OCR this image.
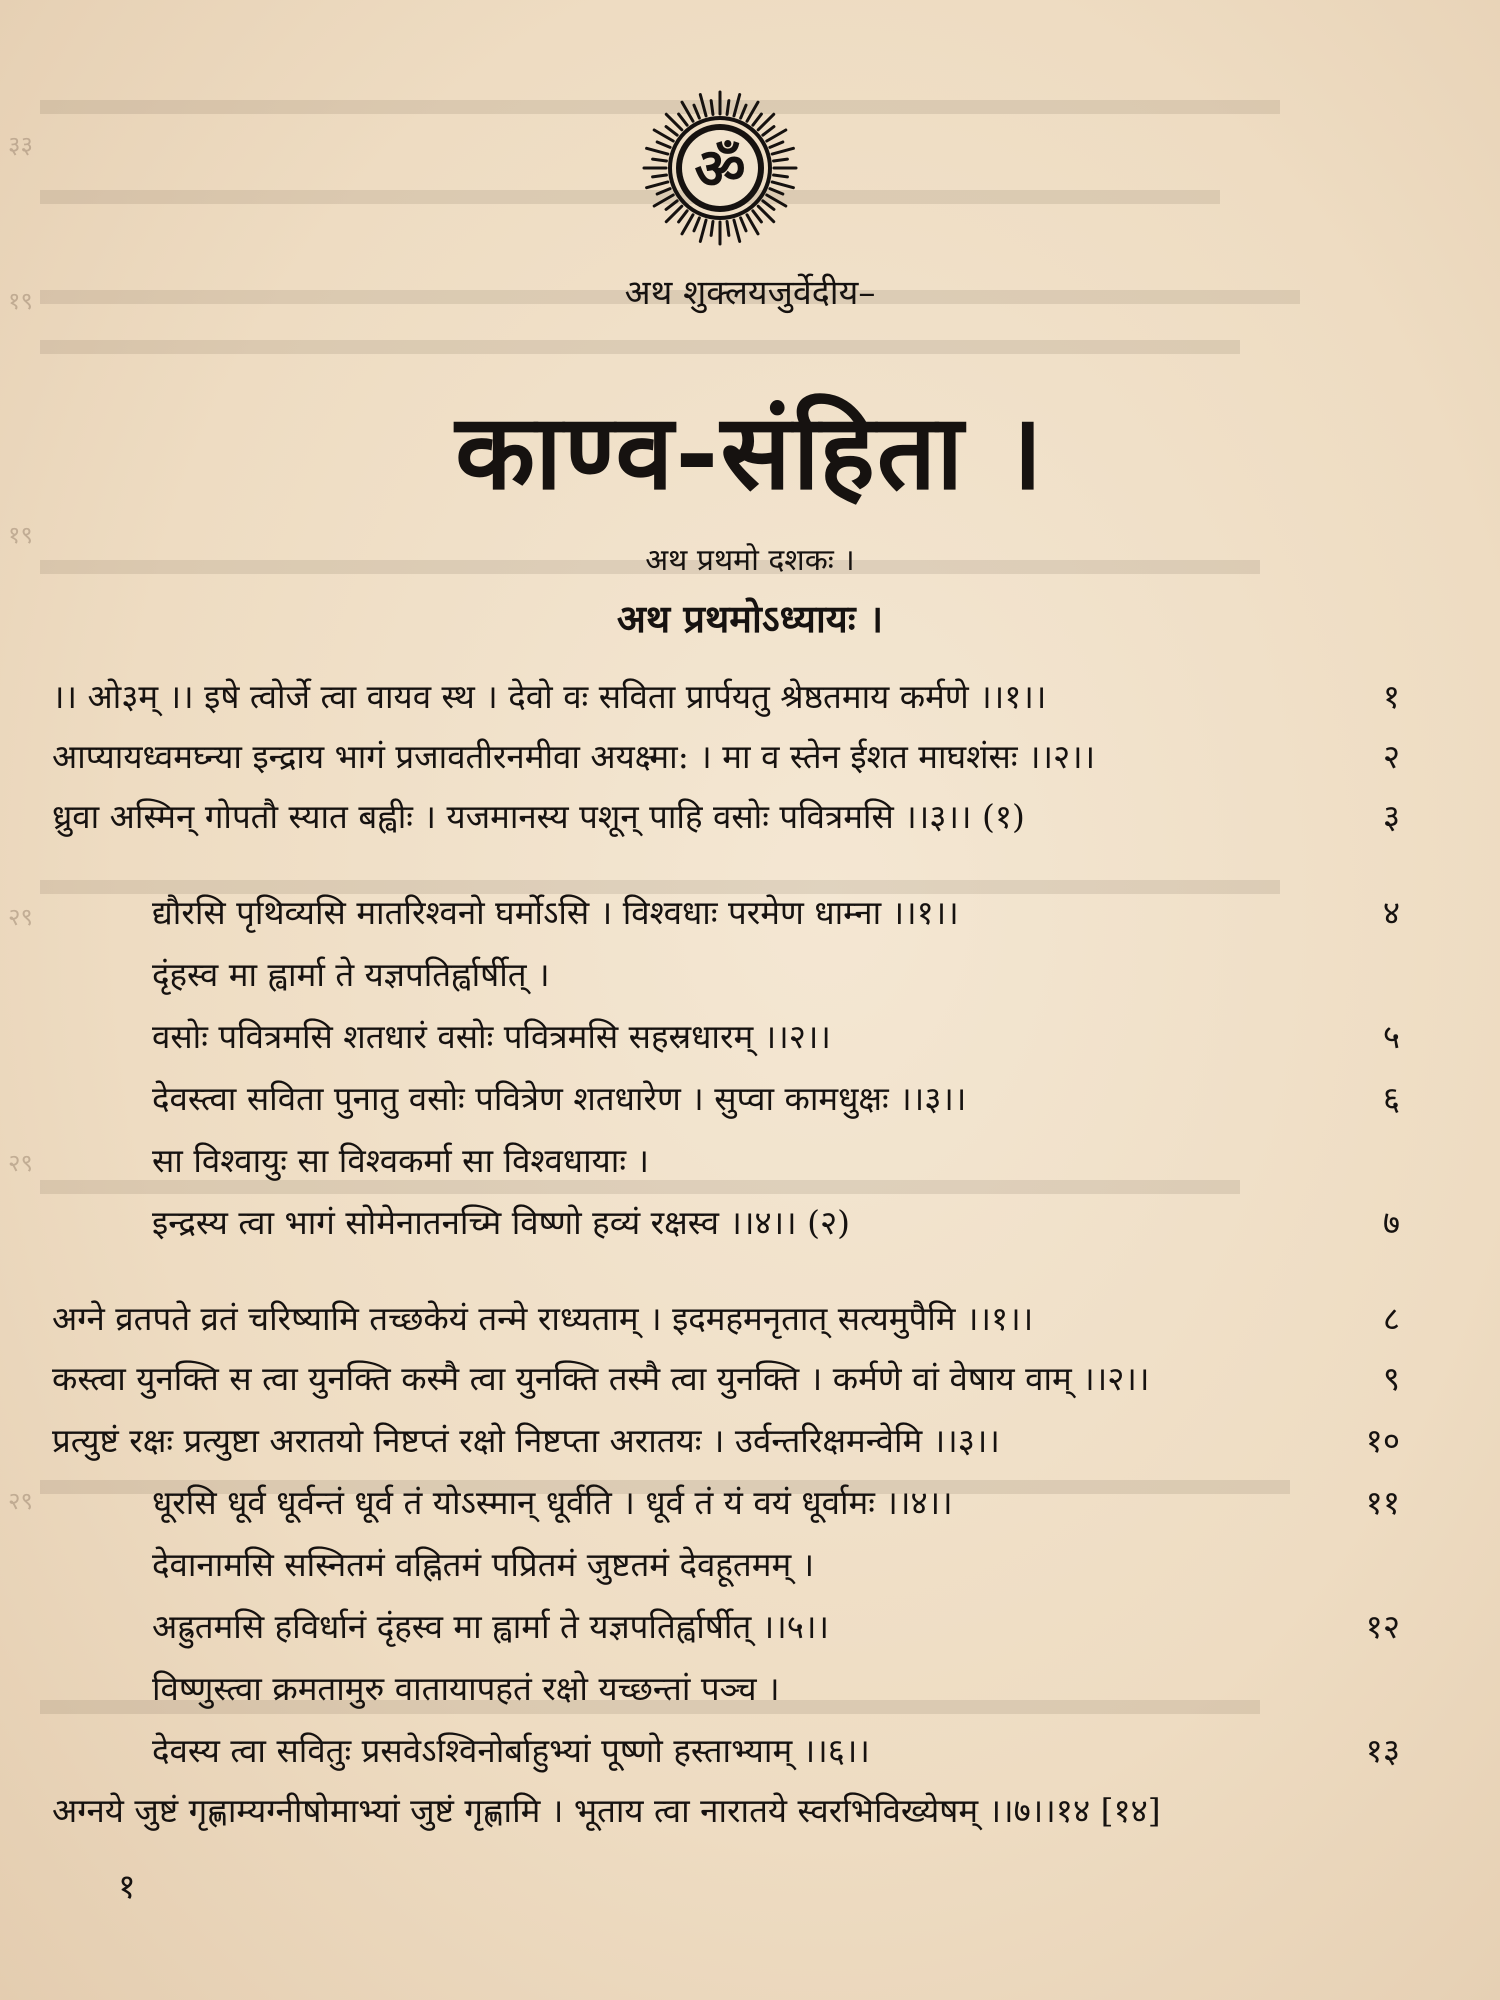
३३
१९
१९
२९
२९
२९
ॐ
अथ शुक्लयजुर्वेदीय–
काण्व-संहिता ।
अथ प्रथमो दशकः ।
अथ प्रथमोऽध्यायः ।
।। ओ३म् ।। इषे त्वोर्जे त्वा वायव स्थ । देवो वः सविता प्रार्पयतु श्रेष्ठतमाय कर्मणे ।।१।।	१
आप्यायध्वमघ्न्या इन्द्राय भागं प्रजावतीरनमीवा अयक्ष्मा: । मा व स्तेन ईशत माघशंसः ।।२।।	२
ध्रुवा अस्मिन् गोपतौ स्यात बह्वीः । यजमानस्य पशून् पाहि वसोः पवित्रमसि ।।३।। (१)	३
द्यौरसि पृथिव्यसि मातरिश्वनो घर्मोऽसि । विश्वधाः परमेण धाम्ना ।।१।।	४
दृंहस्व मा ह्वार्मा ते यज्ञपतिर्ह्वार्षीत् ।
वसोः पवित्रमसि शतधारं वसोः पवित्रमसि सहस्रधारम् ।।२।।	५
देवस्त्वा सविता पुनातु वसोः पवित्रेण शतधारेण । सुप्वा कामधुक्षः ।।३।।	६
सा विश्वायुः सा विश्वकर्मा सा विश्वधायाः ।
इन्द्रस्य त्वा भागं सोमेनातनच्मि विष्णो हव्यं रक्षस्व ।।४।। (२)	७
अग्ने व्रतपते व्रतं चरिष्यामि तच्छकेयं तन्मे राध्यताम् । इदमहमनृतात् सत्यमुपैमि ।।१।।	८
कस्त्वा युनक्ति स त्वा युनक्ति कस्मै त्वा युनक्ति तस्मै त्वा युनक्ति । कर्मणे वां वेषाय वाम् ।।२।।	९
प्रत्युष्टं रक्षः प्रत्युष्टा अरातयो निष्टप्तं रक्षो निष्टप्ता अरातयः । उर्वन्तरिक्षमन्वेमि ।।३।।	१०
धूरसि धूर्व धूर्वन्तं धूर्व तं योऽस्मान् धूर्वति । धूर्व तं यं वयं धूर्वामः ।।४।।	११
देवानामसि सस्नितमं वह्नितमं पप्रितमं जुष्टतमं देवहूतमम् ।
अह्रुतमसि हविर्धानं दृंहस्व मा ह्वार्मा ते यज्ञपतिर्ह्वार्षीत् ।।५।।	१२
विष्णुस्त्वा क्रमतामुरु वातायापहतं रक्षो यच्छन्तां पञ्च ।
देवस्य त्वा सवितुः प्रसवेऽश्विनोर्बाहुभ्यां पूष्णो हस्ताभ्याम् ।।६।।	१३
अग्नये जुष्टं गृह्णाम्यग्नीषोमाभ्यां जुष्टं गृह्णामि । भूताय त्वा नारातये स्वरभिविख्येषम् ।।७।।१४ [१४]
१
